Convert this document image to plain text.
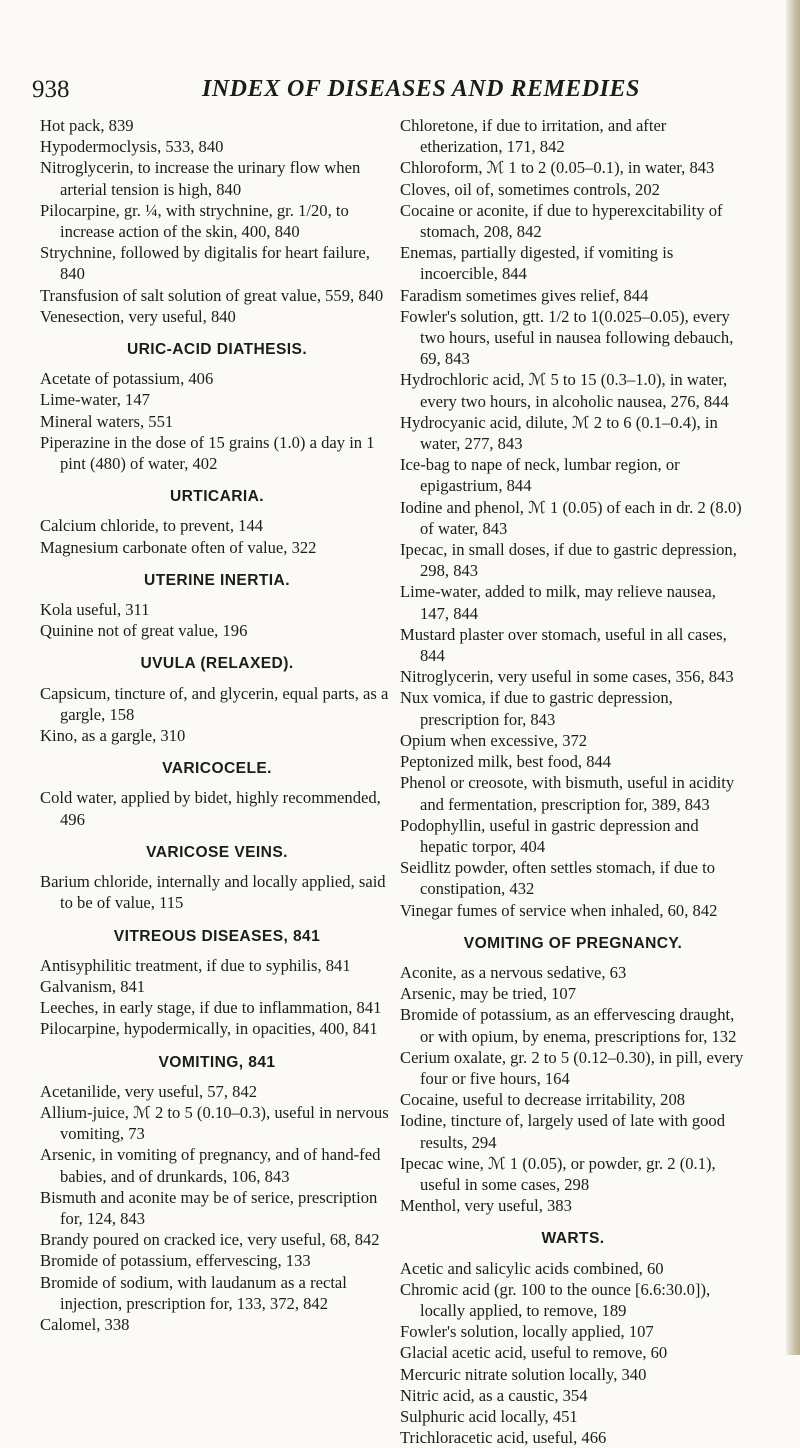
938	INDEX OF DISEASES AND REMEDIES
Hot pack, 839
Hypodermoclysis, 533, 840
Nitroglycerin, to increase the urinary flow when arterial tension is high, 840
Pilocarpine, gr. ¼, with strychnine, gr. 1/20, to increase action of the skin, 400, 840
Strychnine, followed by digitalis for heart failure, 840
Transfusion of salt solution of great value, 559, 840
Venesection, very useful, 840
URIC-ACID DIATHESIS.
Acetate of potassium, 406
Lime-water, 147
Mineral waters, 551
Piperazine in the dose of 15 grains (1.0) a day in 1 pint (480) of water, 402
URTICARIA.
Calcium chloride, to prevent, 144
Magnesium carbonate often of value, 322
UTERINE INERTIA.
Kola useful, 311
Quinine not of great value, 196
UVULA (RELAXED).
Capsicum, tincture of, and glycerin, equal parts, as a gargle, 158
Kino, as a gargle, 310
VARICOCELE.
Cold water, applied by bidet, highly recommended, 496
VARICOSE VEINS.
Barium chloride, internally and locally applied, said to be of value, 115
VITREOUS DISEASES, 841
Antisyphilitic treatment, if due to syphilis, 841
Galvanism, 841
Leeches, in early stage, if due to inflammation, 841
Pilocarpine, hypodermically, in opacities, 400, 841
VOMITING, 841
Acetanilide, very useful, 57, 842
Allium-juice, ℳ 2 to 5 (0.10–0.3), useful in nervous vomiting, 73
Arsenic, in vomiting of pregnancy, and of hand-fed babies, and of drunkards, 106, 843
Bismuth and aconite may be of serice, prescription for, 124, 843
Brandy poured on cracked ice, very useful, 68, 842
Bromide of potassium, effervescing, 133
Bromide of sodium, with laudanum as a rectal injection, prescription for, 133, 372, 842
Calomel, 338
Chloretone, if due to irritation, and after etherization, 171, 842
Chloroform, ℳ 1 to 2 (0.05–0.1), in water, 843
Cloves, oil of, sometimes controls, 202
Cocaine or aconite, if due to hyperexcitability of stomach, 208, 842
Enemas, partially digested, if vomiting is incoercible, 844
Faradism sometimes gives relief, 844
Fowler's solution, gtt. 1/2 to 1(0.025–0.05), every two hours, useful in nausea following debauch, 69, 843
Hydrochloric acid, ℳ 5 to 15 (0.3–1.0), in water, every two hours, in alcoholic nausea, 276, 844
Hydrocyanic acid, dilute, ℳ 2 to 6 (0.1–0.4), in water, 277, 843
Ice-bag to nape of neck, lumbar region, or epigastrium, 844
Iodine and phenol, ℳ 1 (0.05) of each in dr. 2 (8.0) of water, 843
Ipecac, in small doses, if due to gastric depression, 298, 843
Lime-water, added to milk, may relieve nausea, 147, 844
Mustard plaster over stomach, useful in all cases, 844
Nitroglycerin, very useful in some cases, 356, 843
Nux vomica, if due to gastric depression, prescription for, 843
Opium when excessive, 372
Peptonized milk, best food, 844
Phenol or creosote, with bismuth, useful in acidity and fermentation, prescription for, 389, 843
Podophyllin, useful in gastric depression and hepatic torpor, 404
Seidlitz powder, often settles stomach, if due to constipation, 432
Vinegar fumes of service when inhaled, 60, 842
VOMITING OF PREGNANCY.
Aconite, as a nervous sedative, 63
Arsenic, may be tried, 107
Bromide of potassium, as an effervescing draught, or with opium, by enema, prescriptions for, 132
Cerium oxalate, gr. 2 to 5 (0.12–0.30), in pill, every four or five hours, 164
Cocaine, useful to decrease irritability, 208
Iodine, tincture of, largely used of late with good results, 294
Ipecac wine, ℳ 1 (0.05), or powder, gr. 2 (0.1), useful in some cases, 298
Menthol, very useful, 383
WARTS.
Acetic and salicylic acids combined, 60
Chromic acid (gr. 100 to the ounce [6.6:30.0]), locally applied, to remove, 189
Fowler's solution, locally applied, 107
Glacial acetic acid, useful to remove, 60
Mercuric nitrate solution locally, 340
Nitric acid, as a caustic, 354
Sulphuric acid locally, 451
Trichloracetic acid, useful, 466
